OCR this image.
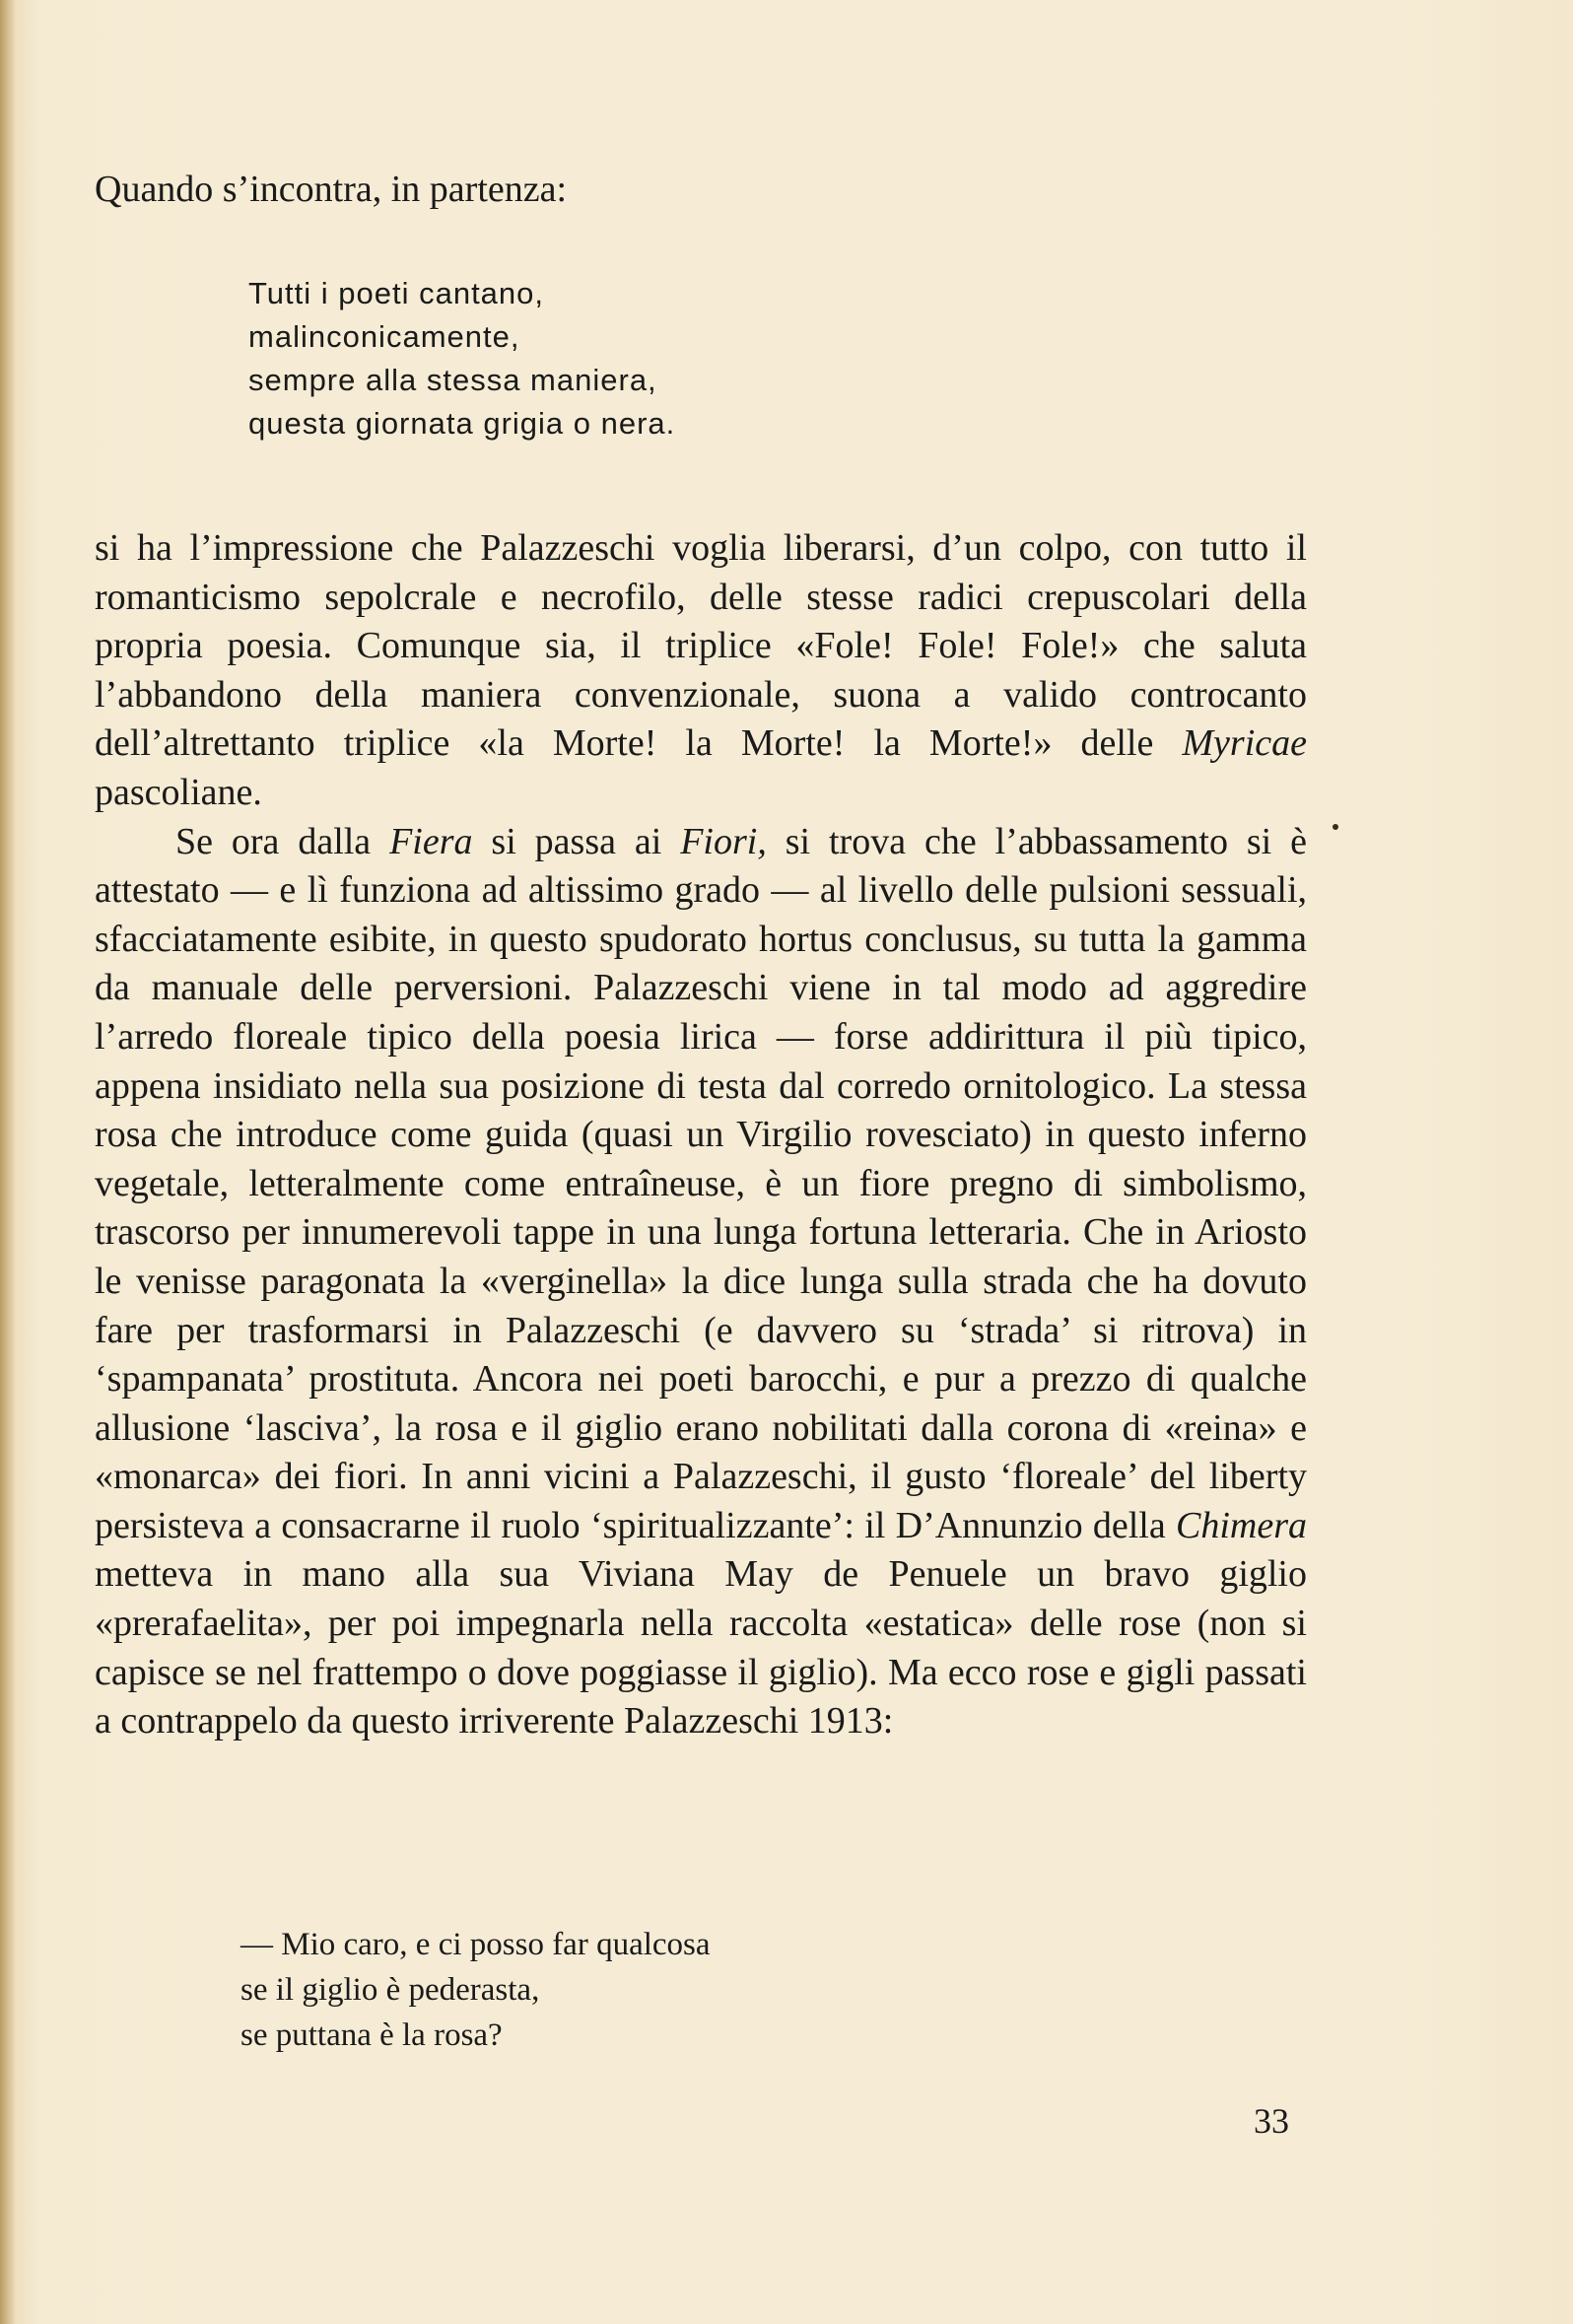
Quando s’incontra, in partenza:
Tutti i poeti cantano,
malinconicamente,
sempre alla stessa maniera,
questa giornata grigia o nera.

si ha l’impressione che Palazzeschi voglia liberarsi, d’un colpo, con tutto il romanticismo sepolcrale e necrofilo, delle stesse radici crepuscolari della propria poesia. Comunque sia, il triplice «Fole! Fole! Fole!» che saluta l’abbandono della maniera convenzionale, suona a valido controcanto dell’altrettanto triplice «la Morte! la Morte! la Morte!» delle Myricae pascoliane.

Se ora dalla Fiera si passa ai Fiori, si trova che l’abbassamento si è attestato — e lì funziona ad altissimo grado — al livello delle pulsioni sessuali, sfacciatamente esibite, in questo spudorato hortus conclusus, su tutta la gamma da manuale delle perversioni. Palazzeschi viene in tal modo ad aggredire l’arredo floreale tipico della poesia lirica — forse addirittura il più tipico, appena insidiato nella sua posizione di testa dal corredo ornitologico. La stessa rosa che introduce come guida (quasi un Virgilio rovesciato) in questo inferno vegetale, letteralmente come entraîneuse, è un fiore pregno di simbolismo, trascorso per innumerevoli tappe in una lunga fortuna letteraria. Che in Ariosto le venisse paragonata la «verginella» la dice lunga sulla strada che ha dovuto fare per trasformarsi in Palazzeschi (e davvero su ‘strada’ si ritrova) in ‘spampanata’ prostituta. Ancora nei poeti barocchi, e pur a prezzo di qualche allusione ‘lasciva’, la rosa e il giglio erano nobilitati dalla corona di «reina» e «monarca» dei fiori. In anni vicini a Palazzeschi, il gusto ‘floreale’ del liberty persisteva a consacrarne il ruolo ‘spiritualizzante’: il D’Annunzio della Chimera metteva in mano alla sua Viviana May de Penuele un bravo giglio «prerafaelita», per poi impegnarla nella raccolta «estatica» delle rose (non si capisce se nel frattempo o dove poggiasse il giglio). Ma ecco rose e gigli passati a contrappelo da questo irriverente Palazzeschi 1913:

— Mio caro, e ci posso far qualcosa
se il giglio è pederasta,
se puttana è la rosa?
33
